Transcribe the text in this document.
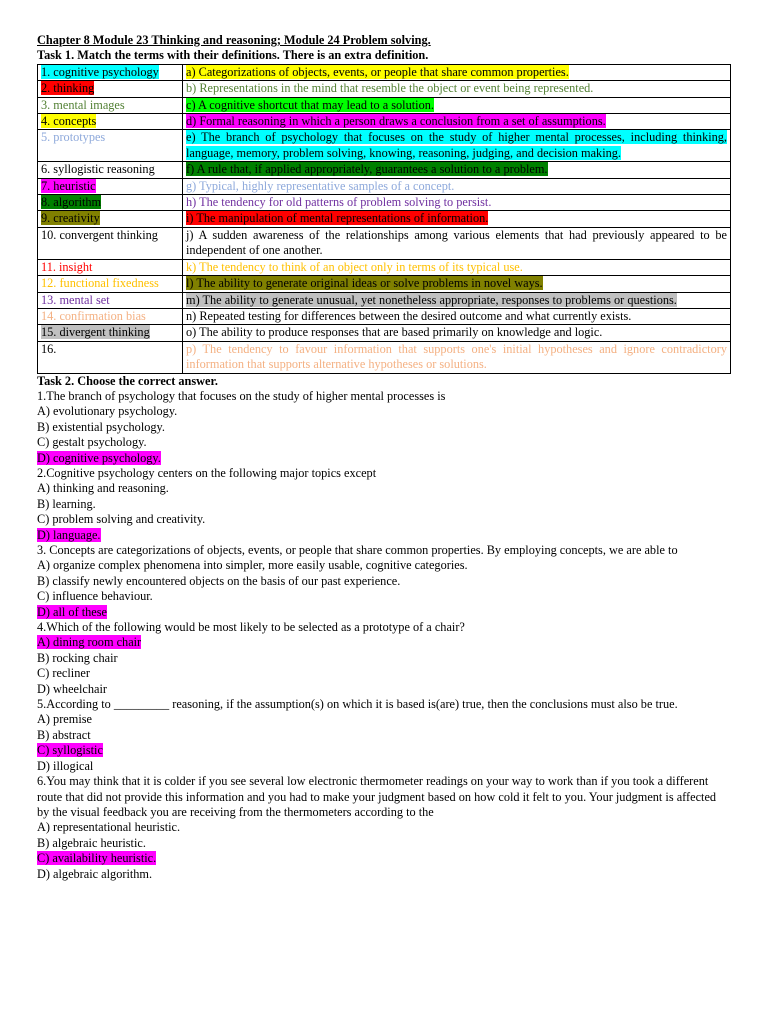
Chapter 8 Module 23 Thinking and reasoning; Module 24 Problem solving.
Task 1. Match the terms with their definitions. There is an extra definition.
1. cognitive psychology	a) Categorizations of objects, events, or people that share common properties.
2. thinking	b) Representations in the mind that resemble the object or event being represented.
3. mental images	c) A cognitive shortcut that may lead to a solution.
4. concepts	d) Formal reasoning in which a person draws a conclusion from a set of assumptions.
5. prototypes	e) The branch of psychology that focuses on the study of higher mental processes, including thinking, language, memory, problem solving, knowing, reasoning, judging, and decision making.
6. syllogistic reasoning	f) A rule that, if applied appropriately, guarantees a solution to a problem.
7. heuristic	g) Typical, highly representative samples of a concept.
8. algorithm	h) The tendency for old patterns of problem solving to persist.
9. creativity	i) The manipulation of mental representations of information.
10. convergent thinking	j) A sudden awareness of the relationships among various elements that had previously appeared to be independent of one another.
11. insight	k) The tendency to think of an object only in terms of its typical use.
12. functional fixedness	l) The ability to generate original ideas or solve problems in novel ways.
13. mental set	m) The ability to generate unusual, yet nonetheless appropriate, responses to problems or questions.
14. confirmation bias	n) Repeated testing for differences between the desired outcome and what currently exists.
15. divergent thinking	o) The ability to produce responses that are based primarily on knowledge and logic.
16.	p) The tendency to favour information that supports one's initial hypotheses and ignore contradictory information that supports alternative hypotheses or solutions.
Task 2. Choose the correct answer.
1.The branch of psychology that focuses on the study of higher mental processes is
A) evolutionary psychology.
B) existential psychology.
C) gestalt psychology.
D) cognitive psychology.
2.Cognitive psychology centers on the following major topics except
A) thinking and reasoning.
B) learning.
C) problem solving and creativity.
D) language.
3. Concepts are categorizations of objects, events, or people that share common properties. By employing concepts, we are able to
A) organize complex phenomena into simpler, more easily usable, cognitive categories.
B) classify newly encountered objects on the basis of our past experience.
C) influence behaviour.
D) all of these
4.Which of the following would be most likely to be selected as a prototype of a chair?
A) dining room chair
B) rocking chair
C) recliner
D) wheelchair
5.According to _________ reasoning, if the assumption(s) on which it is based is(are) true, then the conclusions must also be true.
A) premise
B) abstract
C) syllogistic
D) illogical
6.You may think that it is colder if you see several low electronic thermometer readings on your way to work than if you took a different route that did not provide this information and you had to make your judgment based on how cold it felt to you. Your judgment is affected by the visual feedback you are receiving from the thermometers according to the
A) representational heuristic.
B) algebraic heuristic.
C) availability heuristic.
D) algebraic algorithm.
